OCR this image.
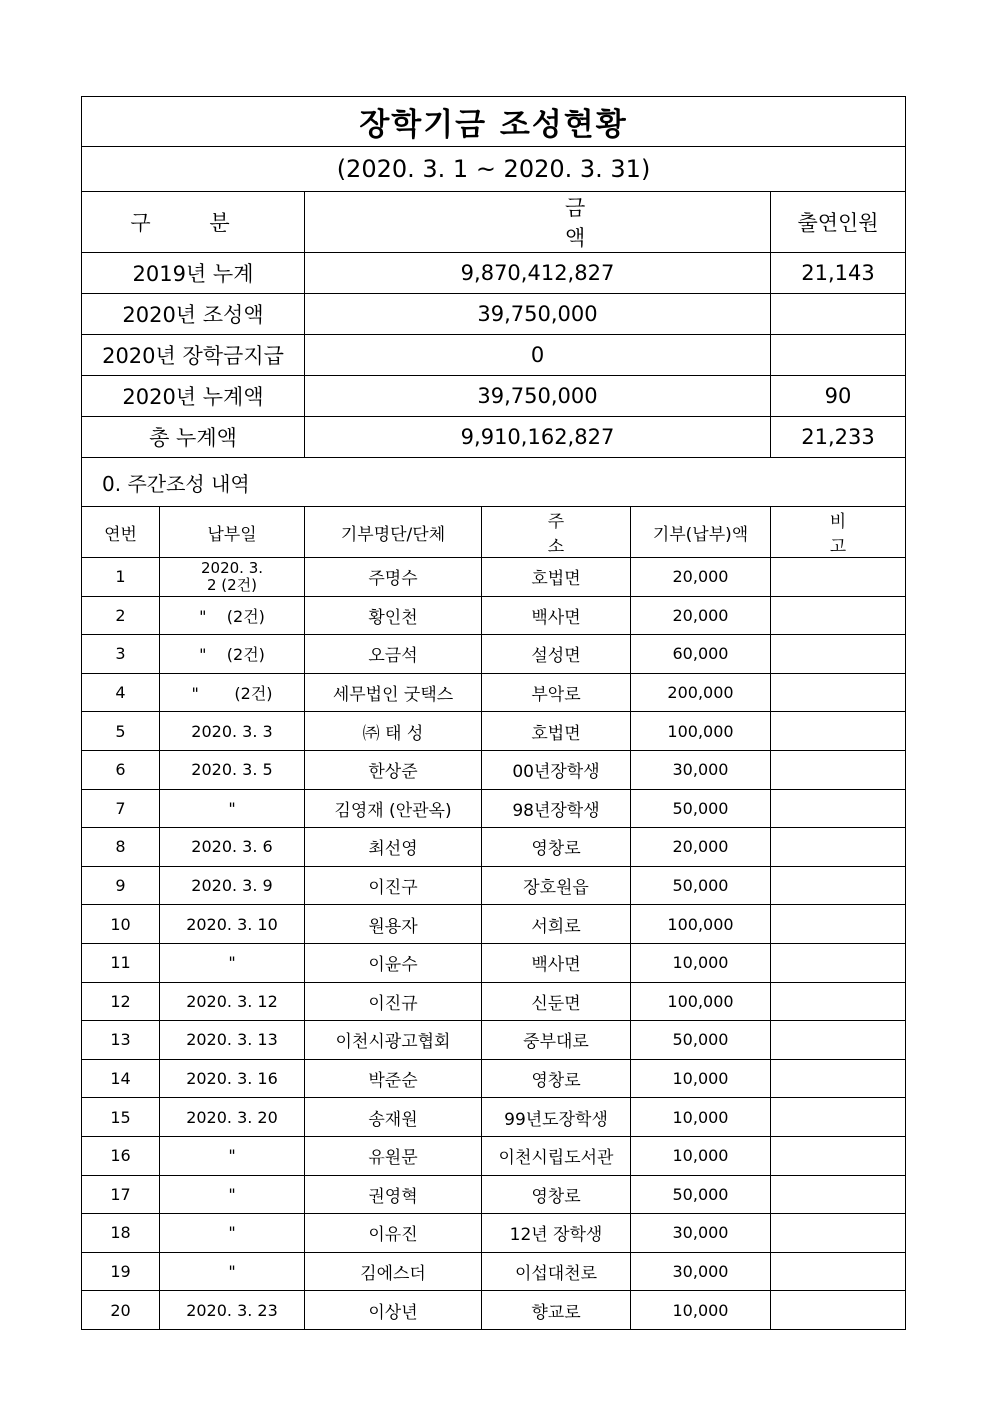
장학기금 조성현황					
(2020. 3. 1 ~ 2020. 3. 31)					
구 분		금 액			출연인원
2019년 누계		9,870,412,827			21,143
2020년 조성액		39,750,000			
2020년 장학금지급		0			
2020년 누계액		39,750,000			90
총 누계액		9,910,162,827			21,233
0. 주간조성 내역					
연번	납부일	기부명단/단체	주 소	기부(납부)액	비 고
1	2020. 3. 2 (2건)	주명수	호법면	20,000	
2	"    (2건)	황인천	백사면	20,000	
3	"    (2건)	오금석	설성면	60,000	
4	"       (2건)	세무법인 굿택스	부악로	200,000	
5	2020. 3. 3	㈜ 태 성	호법면	100,000	
6	2020. 3. 5	한상준	00년장학생	30,000	
7	"	김영재 (안관옥)	98년장학생	50,000	
8	2020. 3. 6	최선영	영창로	20,000	
9	2020. 3. 9	이진구	장호원읍	50,000	
10	2020. 3. 10	원용자	서희로	100,000	
11	"	이윤수	백사면	10,000	
12	2020. 3. 12	이진규	신둔면	100,000	
13	2020. 3. 13	이천시광고협회	중부대로	50,000	
14	2020. 3. 16	박준순	영창로	10,000	
15	2020. 3. 20	송재원	99년도장학생	10,000	
16	"	유원문	이천시립도서관	10,000	
17	"	권영혁	영창로	50,000	
18	"	이유진	12년 장학생	30,000	
19	"	김에스더	이섭대천로	30,000	
20	2020. 3. 23	이상년	향교로	10,000	
